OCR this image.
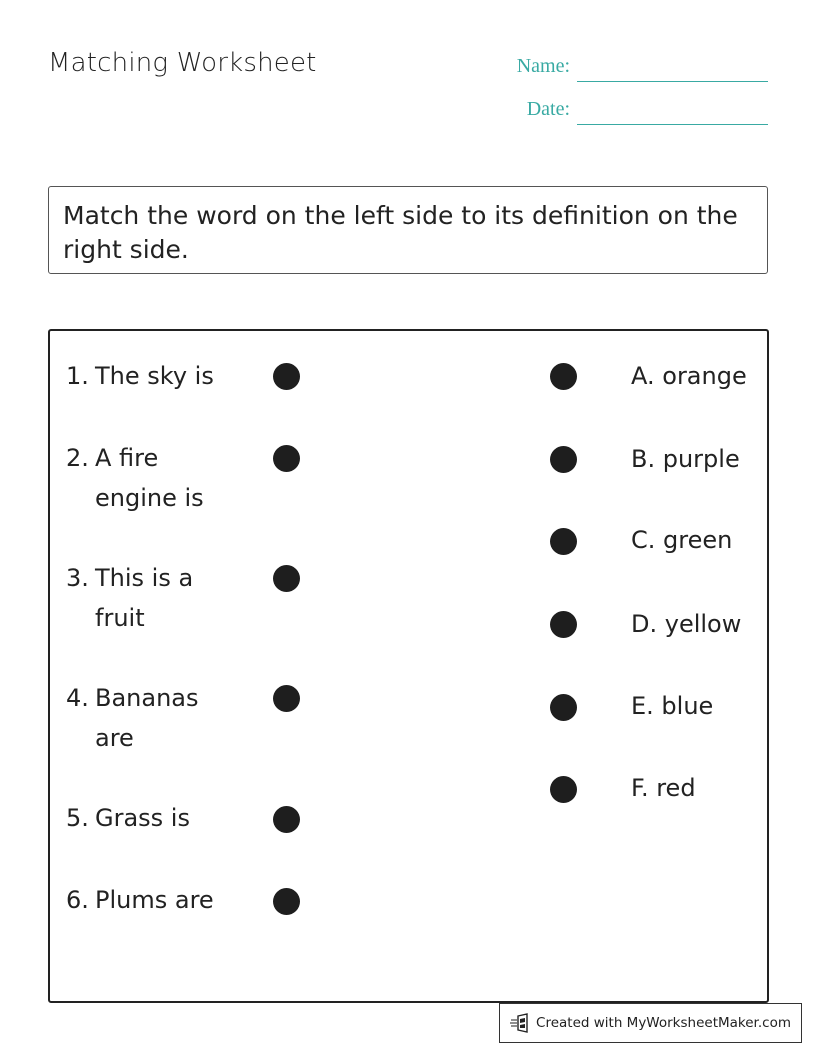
Matching Worksheet	Name:
Date:
Match the word on the left side to its definition on the right side.
1. The sky is
2. A fire engine is
3. This is a fruit
4. Bananas are
5. Grass is
6. Plums are
A. orange
B. purple
C. green
D. yellow
E. blue
F. red
Created with MyWorksheetMaker.com
